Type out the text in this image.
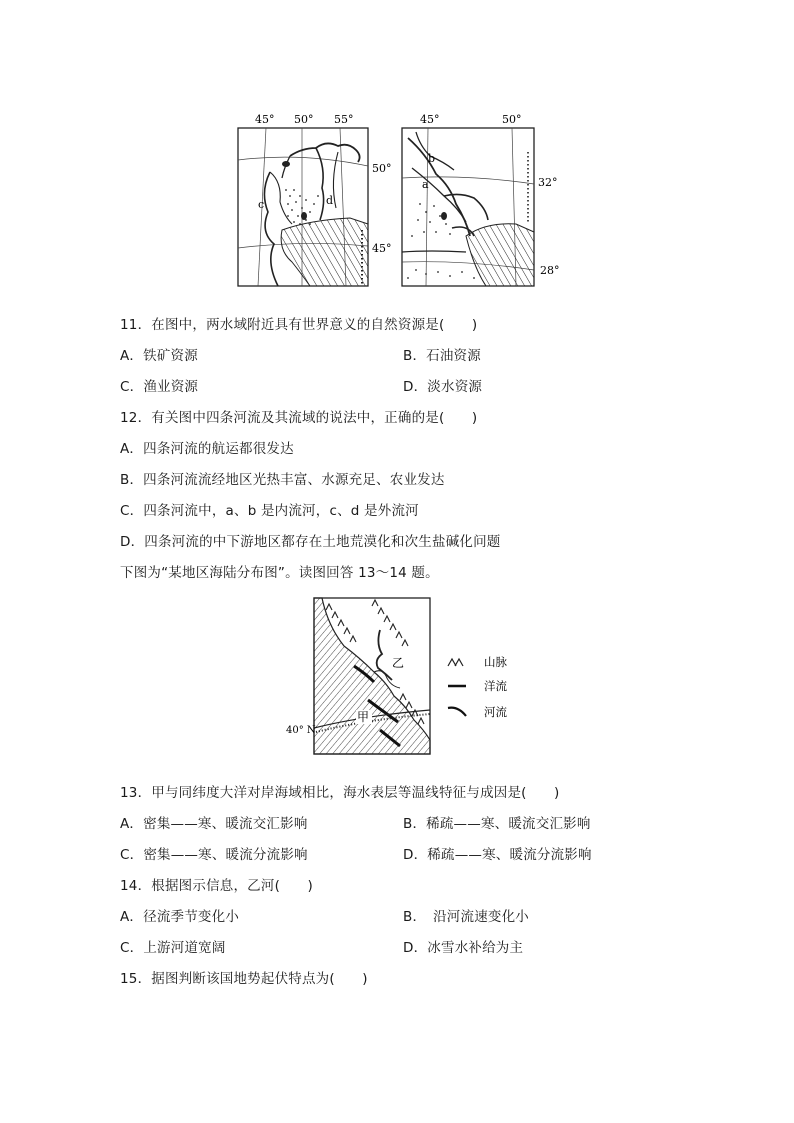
45° 50° 55°
50°
45°
c	d
45°	50°
32°
28°
b
a
11．在图中，两水域附近具有世界意义的自然资源是(　　)
A．铁矿资源	B．石油资源
C．渔业资源	D．淡水资源
12．有关图中四条河流及其流域的说法中，正确的是(　　)
A．四条河流的航运都很发达
B．四条河流流经地区光热丰富、水源充足、农业发达
C．四条河流中，a、b 是内流河，c、d 是外流河
D．四条河流的中下游地区都存在土地荒漠化和次生盐碱化问题
下图为“某地区海陆分布图”。读图回答 13～14 题。
甲
乙
40° N
山脉
洋流
河流
13．甲与同纬度大洋对岸海域相比，海水表层等温线特征与成因是(　　)
A．密集——寒、暖流交汇影响	B．稀疏——寒、暖流交汇影响
C．密集——寒、暖流分流影响	D．稀疏——寒、暖流分流影响
14．根据图示信息，乙河(　　)
A．径流季节变化小	B．　沿河流速变化小
C．上游河道宽阔	D．冰雪水补给为主
15．据图判断该国地势起伏特点为(　　)
